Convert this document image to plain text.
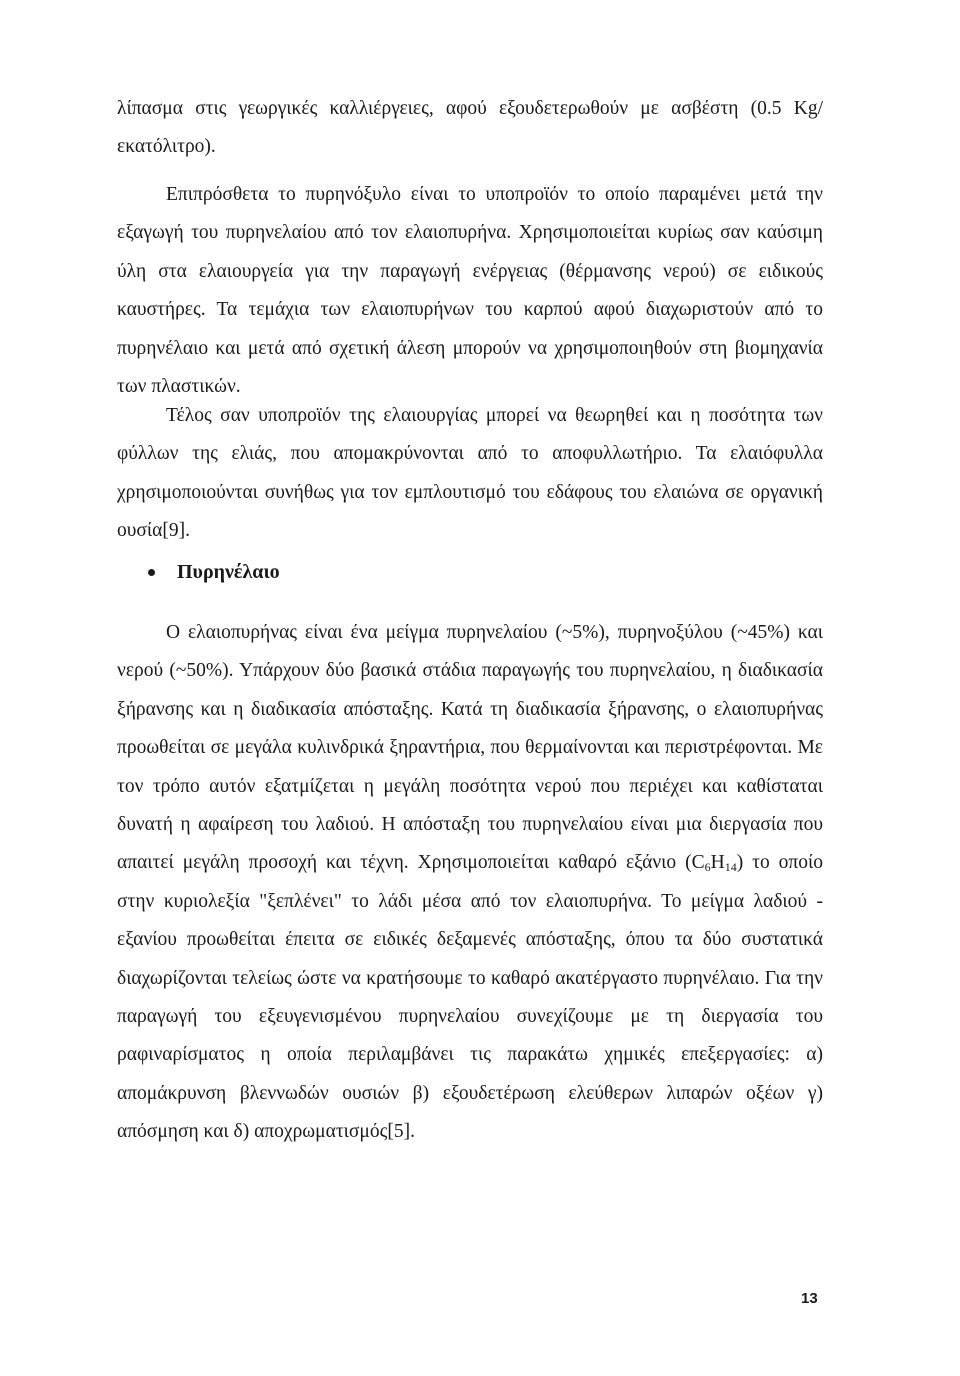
λίπασμα στις γεωργικές καλλιέργειες, αφού εξουδετερωθούν με ασβέστη (0.5 Kg/εκατόλιτρο).

Επιπρόσθετα το πυρηνόξυλο είναι το υποπροϊόν το οποίο παραμένει μετά την εξαγωγή του πυρηνελαίου από τον ελαιοπυρήνα. Χρησιμοποιείται κυρίως σαν καύσιμη ύλη στα ελαιουργεία για την παραγωγή ενέργειας (θέρμανσης νερού) σε ειδικούς καυστήρες. Τα τεμάχια των ελαιοπυρήνων του καρπού αφού διαχωριστούν από το πυρηνέλαιο και μετά από σχετική άλεση μπορούν να χρησιμοποιηθούν στη βιομηχανία των πλαστικών.

Τέλος σαν υποπροϊόν της ελαιουργίας μπορεί να θεωρηθεί και η ποσότητα των φύλλων της ελιάς, που απομακρύνονται από το αποφυλλωτήριο. Τα ελαιόφυλλα χρησιμοποιούνται συνήθως για τον εμπλουτισμό του εδάφους του ελαιώνα σε οργανική ουσία[9].

Πυρηνέλαιο

Ο ελαιοπυρήνας είναι ένα μείγμα πυρηνελαίου (~5%), πυρηνοξύλου (~45%) και νερού (~50%). Υπάρχουν δύο βασικά στάδια παραγωγής του πυρηνελαίου, η διαδικασία ξήρανσης και η διαδικασία απόσταξης. Κατά τη διαδικασία ξήρανσης, ο ελαιοπυρήνας προωθείται σε μεγάλα κυλινδρικά ξηραντήρια, που θερμαίνονται και περιστρέφονται. Με τον τρόπο αυτόν εξατμίζεται η μεγάλη ποσότητα νερού που περιέχει και καθίσταται δυνατή η αφαίρεση του λαδιού. Η απόσταξη του πυρηνελαίου είναι μια διεργασία που απαιτεί μεγάλη προσοχή και τέχνη. Χρησιμοποιείται καθαρό εξάνιο $(C_6H_{14})$ το οποίο στην κυριολεξία "ξεπλένει" το λάδι μέσα από τον ελαιοπυρήνα. Το μείγμα λαδιού - εξανίου προωθείται έπειτα σε ειδικές δεξαμενές απόσταξης, όπου τα δύο συστατικά διαχωρίζονται τελείως ώστε να κρατήσουμε το καθαρό ακατέργαστο πυρηνέλαιο. Για την παραγωγή του εξευγενισμένου πυρηνελαίου συνεχίζουμε με τη διεργασία του ραφιναρίσματος η οποία περιλαμβάνει τις παρακάτω χημικές επεξεργασίες: α) απομάκρυνση βλεννωδών ουσιών β) εξουδετέρωση ελεύθερων λιπαρών οξέων γ) απόσμηση και δ) αποχρωματισμός[5].

13
